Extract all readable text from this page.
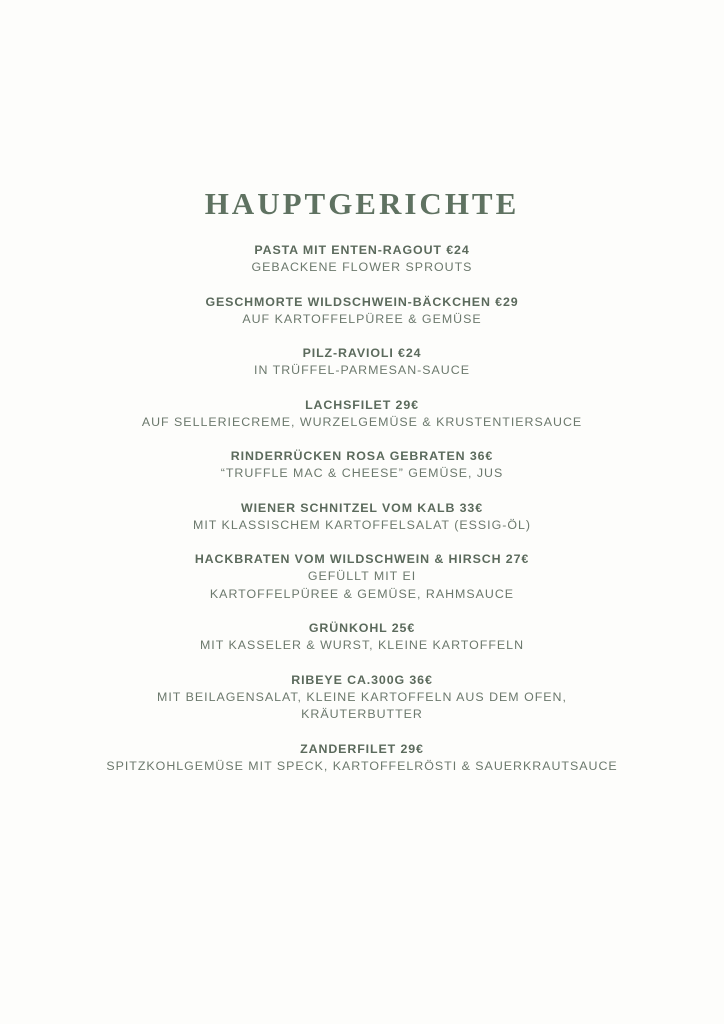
HAUPTGERICHTE
PASTA MIT ENTEN-RAGOUT €24
GEBACKENE FLOWER SPROUTS
GESCHMORTE WILDSCHWEIN-BÄCKCHEN €29
AUF KARTOFFELPÜREE & GEMÜSE
PILZ-RAVIOLI €24
IN TRÜFFEL-PARMESAN-SAUCE
LACHSFILET 29€
AUF SELLERIECREME, WURZELGEMÜSE & KRUSTENTIERSAUCE
RINDERRÜCKEN ROSA GEBRATEN 36€
“TRUFFLE MAC & CHEESE” GEMÜSE, JUS
WIENER SCHNITZEL VOM KALB 33€
MIT KLASSISCHEM KARTOFFELSALAT (ESSIG-ÖL)
HACKBRATEN VOM WILDSCHWEIN & HIRSCH 27€
GEFÜLLT MIT EI
KARTOFFELPÜREE & GEMÜSE, RAHMSAUCE
GRÜNKOHL 25€
MIT KASSELER & WURST, KLEINE KARTOFFELN
RIBEYE CA.300G 36€
MIT BEILAGENSALAT, KLEINE KARTOFFELN AUS DEM OFEN,
KRÄUTERBUTTER
ZANDERFILET 29€
SPITZKOHLGEMÜSE MIT SPECK, KARTOFFELRÖSTI & SAUERKRAUTSAUCE
